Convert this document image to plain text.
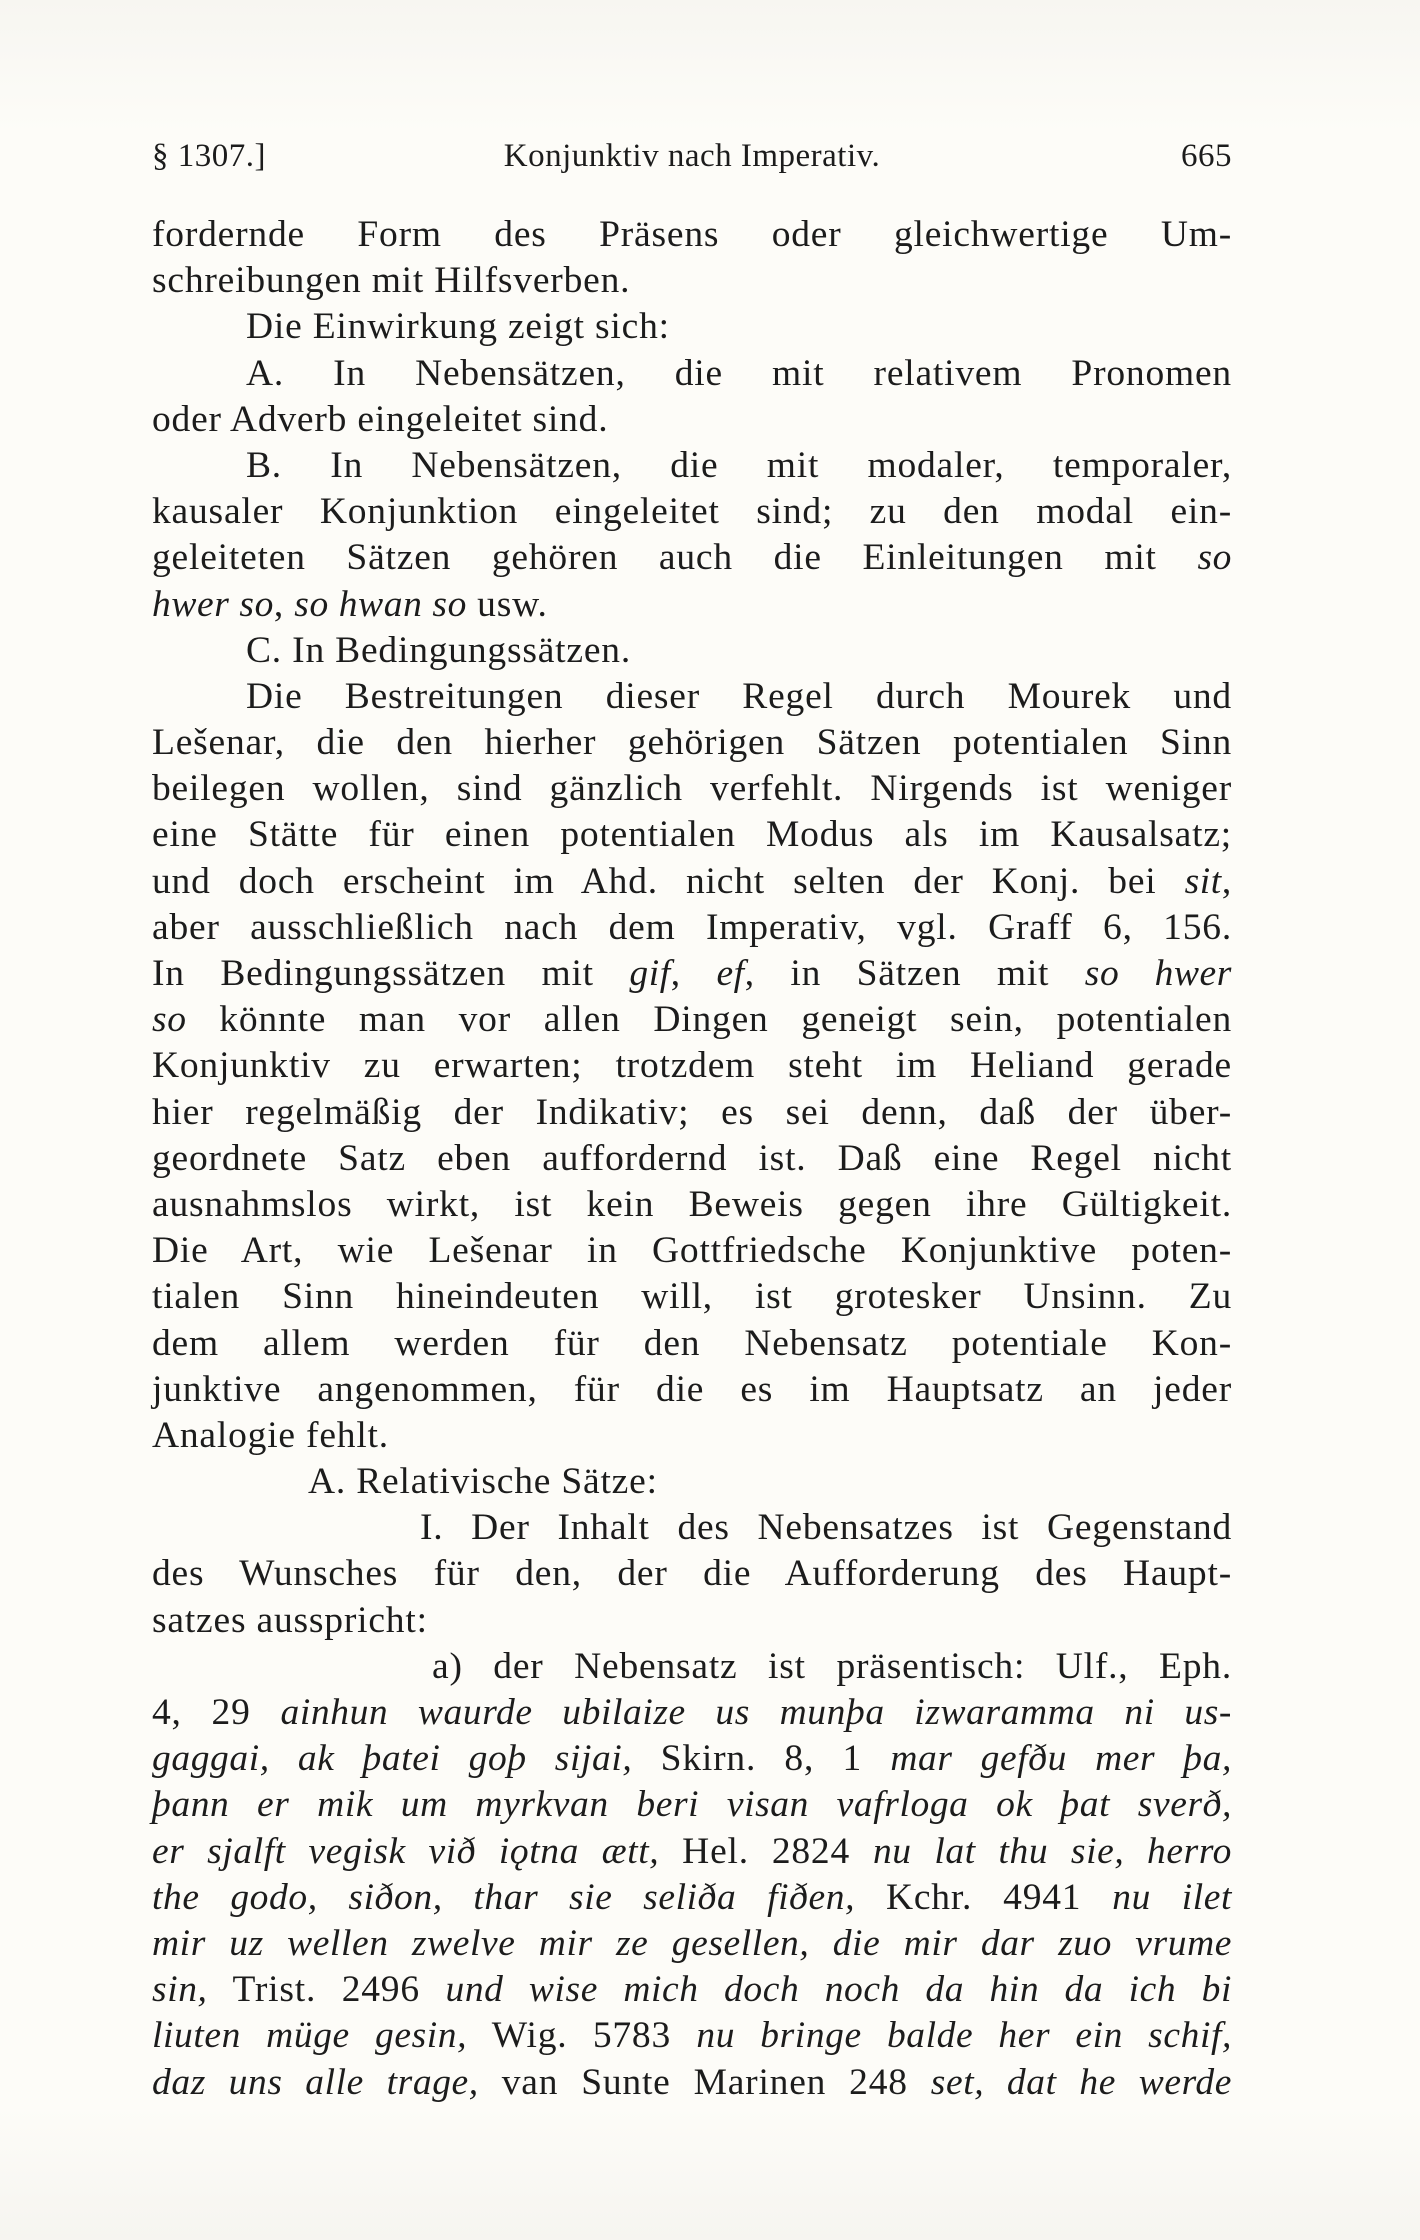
§ 1307.]	Konjunktiv nach Imperativ.	665
fordernde Form des Präsens oder gleichwertige Um-
schreibungen mit Hilfsverben.
Die Einwirkung zeigt sich:
A. In Nebensätzen, die mit relativem Pronomen
oder Adverb eingeleitet sind.
B. In Nebensätzen, die mit modaler, temporaler,
kausaler Konjunktion eingeleitet sind; zu den modal ein-
geleiteten Sätzen gehören auch die Einleitungen mit so
hwer so, so hwan so usw.
C. In Bedingungssätzen.
Die Bestreitungen dieser Regel durch Mourek und
Lešenar, die den hierher gehörigen Sätzen potentialen Sinn
beilegen wollen, sind gänzlich verfehlt. Nirgends ist weniger
eine Stätte für einen potentialen Modus als im Kausalsatz;
und doch erscheint im Ahd. nicht selten der Konj. bei sit,
aber ausschließlich nach dem Imperativ, vgl. Graff 6, 156.
In Bedingungssätzen mit gif, ef, in Sätzen mit so hwer
so könnte man vor allen Dingen geneigt sein, potentialen
Konjunktiv zu erwarten; trotzdem steht im Heliand gerade
hier regelmäßig der Indikativ; es sei denn, daß der über-
geordnete Satz eben auffordernd ist. Daß eine Regel nicht
ausnahmslos wirkt, ist kein Beweis gegen ihre Gültigkeit.
Die Art, wie Lešenar in Gottfriedsche Konjunktive poten-
tialen Sinn hineindeuten will, ist grotesker Unsinn. Zu
dem allem werden für den Nebensatz potentiale Kon-
junktive angenommen, für die es im Hauptsatz an jeder
Analogie fehlt.
A. Relativische Sätze:
I. Der Inhalt des Nebensatzes ist Gegenstand
des Wunsches für den, der die Aufforderung des Haupt-
satzes ausspricht:
a) der Nebensatz ist präsentisch: Ulf., Eph.
4, 29 ainhun waurde ubilaize us munþa izwaramma ni us-
gaggai, ak þatei goþ sijai, Skirn. 8, 1 mar gefðu mer þa,
þann er mik um myrkvan beri visan vafrloga ok þat sverð,
er sjalft vegisk við iǫtna ætt, Hel. 2824 nu lat thu sie, herro
the godo, siðon, thar sie seliða fiðen, Kchr. 4941 nu ilet
mir uz wellen zwelve mir ze gesellen, die mir dar zuo vrume
sin, Trist. 2496 und wise mich doch noch da hin da ich bi
liuten müge gesin, Wig. 5783 nu bringe balde her ein schif,
daz uns alle trage, van Sunte Marinen 248 set, dat he werde
